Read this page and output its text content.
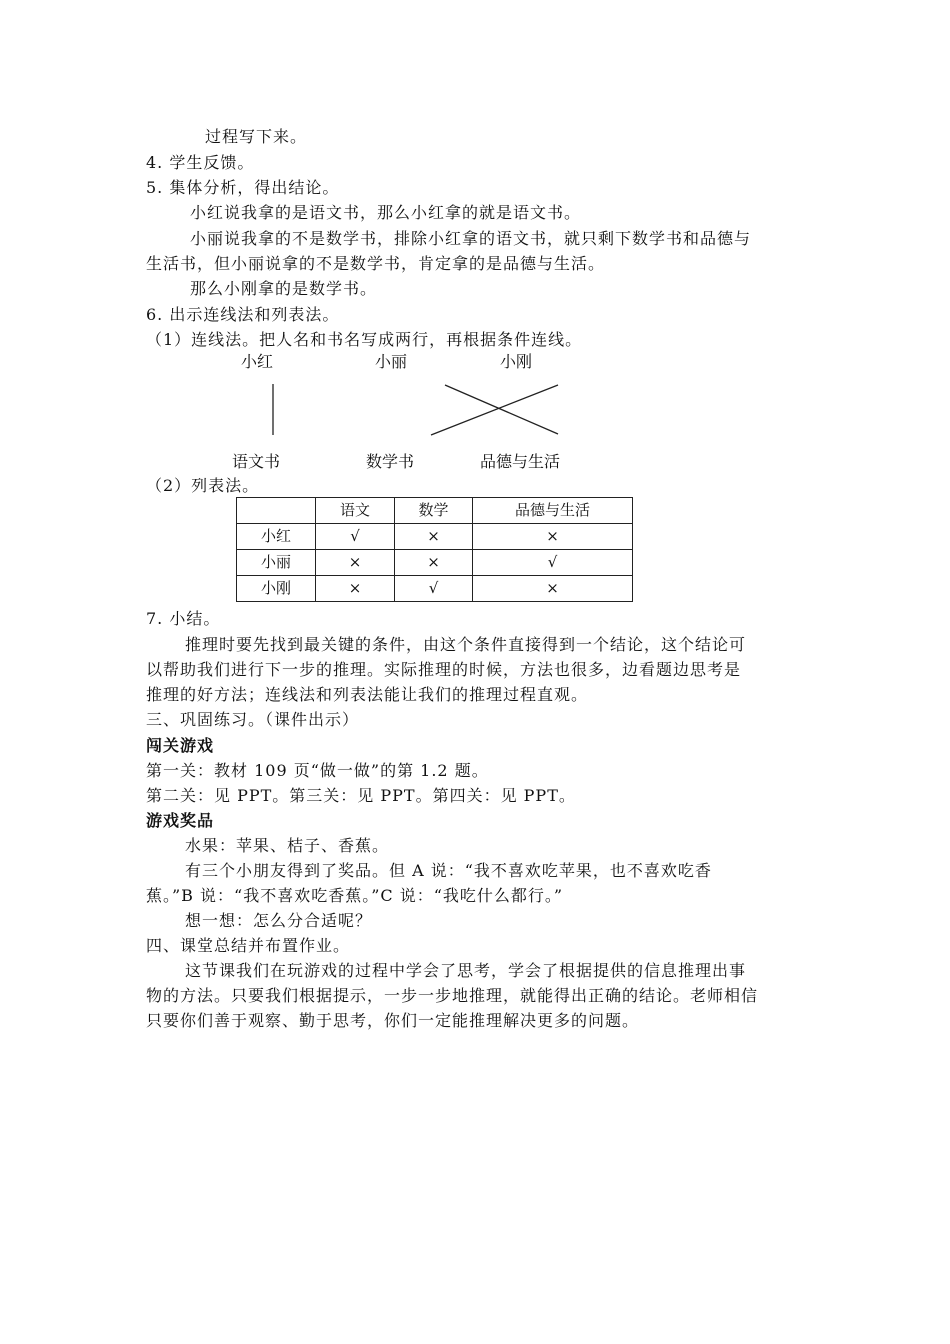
过程写下来。
4. 学生反馈。
5. 集体分析，得出结论。
小红说我拿的是语文书，那么小红拿的就是语文书。
小丽说我拿的不是数学书，排除小红拿的语文书，就只剩下数学书和品德与
生活书，但小丽说拿的不是数学书，肯定拿的是品德与生活。
那么小刚拿的是数学书。
6. 出示连线法和列表法。
（1）连线法。把人名和书名写成两行，再根据条件连线。
小红	小丽	小刚
语文书	数学书	品德与生活
（2）列表法。
	语文	数学	品德与生活
小红	√	×	×
小丽	×	×	√
小刚	×	√	×
7. 小结。
推理时要先找到最关键的条件，由这个条件直接得到一个结论，这个结论可
以帮助我们进行下一步的推理。实际推理的时候，方法也很多，边看题边思考是
推理的好方法；连线法和列表法能让我们的推理过程直观。
三、巩固练习。（课件出示）
闯关游戏
第一关：教材 109 页“做一做”的第 1.2 题。
第二关：见 PPT。第三关：见 PPT。第四关：见 PPT。
游戏奖品
水果：苹果、桔子、香蕉。
有三个小朋友得到了奖品。但 A 说：“我不喜欢吃苹果，也不喜欢吃香
蕉。”B 说：“我不喜欢吃香蕉。”C 说：“我吃什么都行。”
想一想：怎么分合适呢？
四、课堂总结并布置作业。
这节课我们在玩游戏的过程中学会了思考，学会了根据提供的信息推理出事
物的方法。只要我们根据提示，一步一步地推理，就能得出正确的结论。老师相信
只要你们善于观察、勤于思考，你们一定能推理解决更多的问题。
